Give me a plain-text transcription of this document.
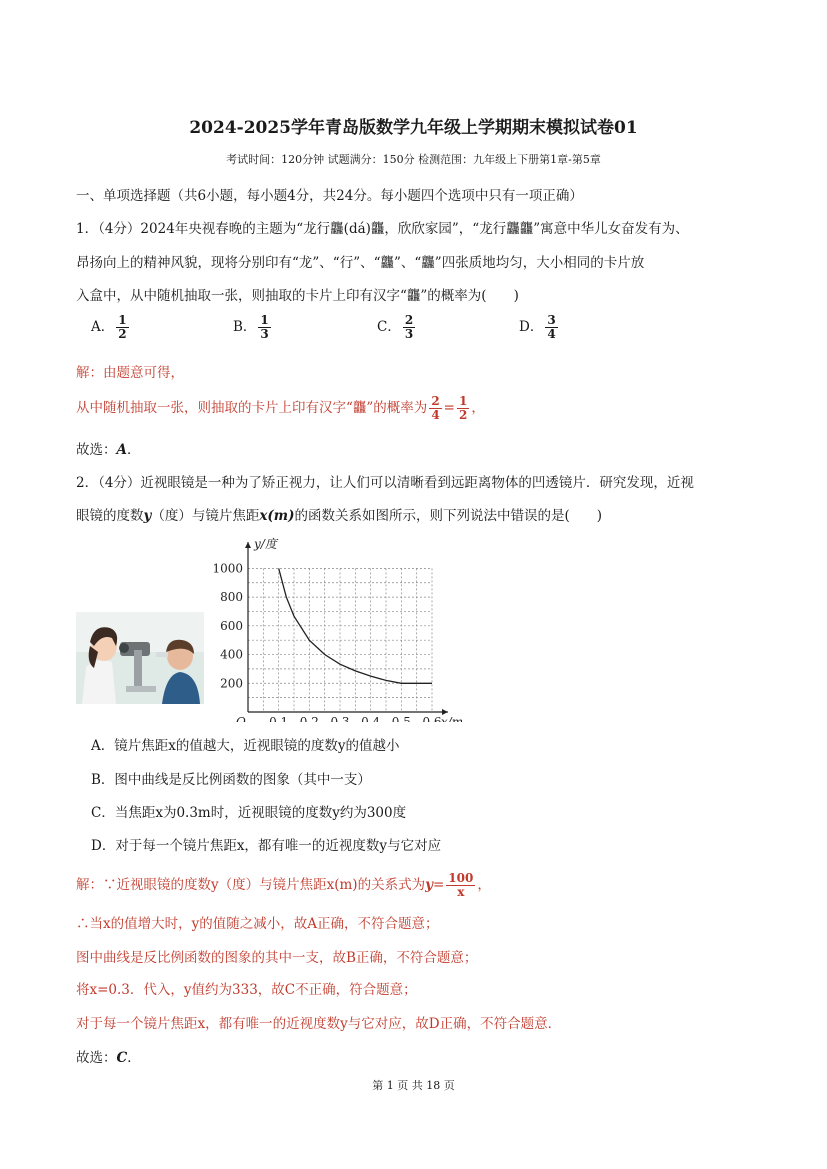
2024-2025学年青岛版数学九年级上学期期末模拟试卷01
考试时间：120分钟 试题满分：150分 检测范围：九年级上下册第1章-第5章
一、单项选择题（共6小题，每小题4分，共24分。每小题四个选项中只有一项正确）
1．（4分）2024年央视春晚的主题为“龙行龘(dá)龘，欣欣家园”，“龙行龘龘”寓意中华儿女奋发有为、
昂扬向上的精神风貌，现将分别印有“龙”、“行”、“龘”、“龘”四张质地均匀，大小相同的卡片放
入盒中，从中随机抽取一张，则抽取的卡片上印有汉字“龘”的概率为(　　)
A． $\frac{1}{2}$	B． $\frac{1}{3}$	C． $\frac{2}{3}$	D． $\frac{3}{4}$
解：由题意可得，
从中随机抽取一张，则抽取的卡片上印有汉字“龘”的概率为 $\frac{2}{4} = \frac{1}{2}$ ，
故选：A．
2．（4分）近视眼镜是一种为了矫正视力，让人们可以清晰看到远距离物体的凹透镜片．研究发现，近视
眼镜的度数y（度）与镜片焦距x(m)的函数关系如图所示，则下列说法中错误的是(　　)
0.1 0.2 0.3 0.4 0.5 0.6
200
400
600
800
1000
O	x/m
y/度
A．镜片焦距x的值越大，近视眼镜的度数y的值越小
B．图中曲线是反比例函数的图象（其中一支）
C．当焦距x为0.3m时，近视眼镜的度数y约为300度
D．对于每一个镜片焦距x，都有唯一的近视度数y与它对应
解：∵近视眼镜的度数y（度）与镜片焦距x(m)的关系式为$y= \frac{100}{x}$ ，
∴当x的值增大时，y的值随之减小，故A正确，不符合题意；
图中曲线是反比例函数的图象的其中一支，故B正确，不符合题意；
将x=0.3．代入，y值约为333，故C不正确，符合题意；
对于每一个镜片焦距x，都有唯一的近视度数y与它对应，故D正确，不符合题意．
故选：C．
第 1 页 共 18 页
